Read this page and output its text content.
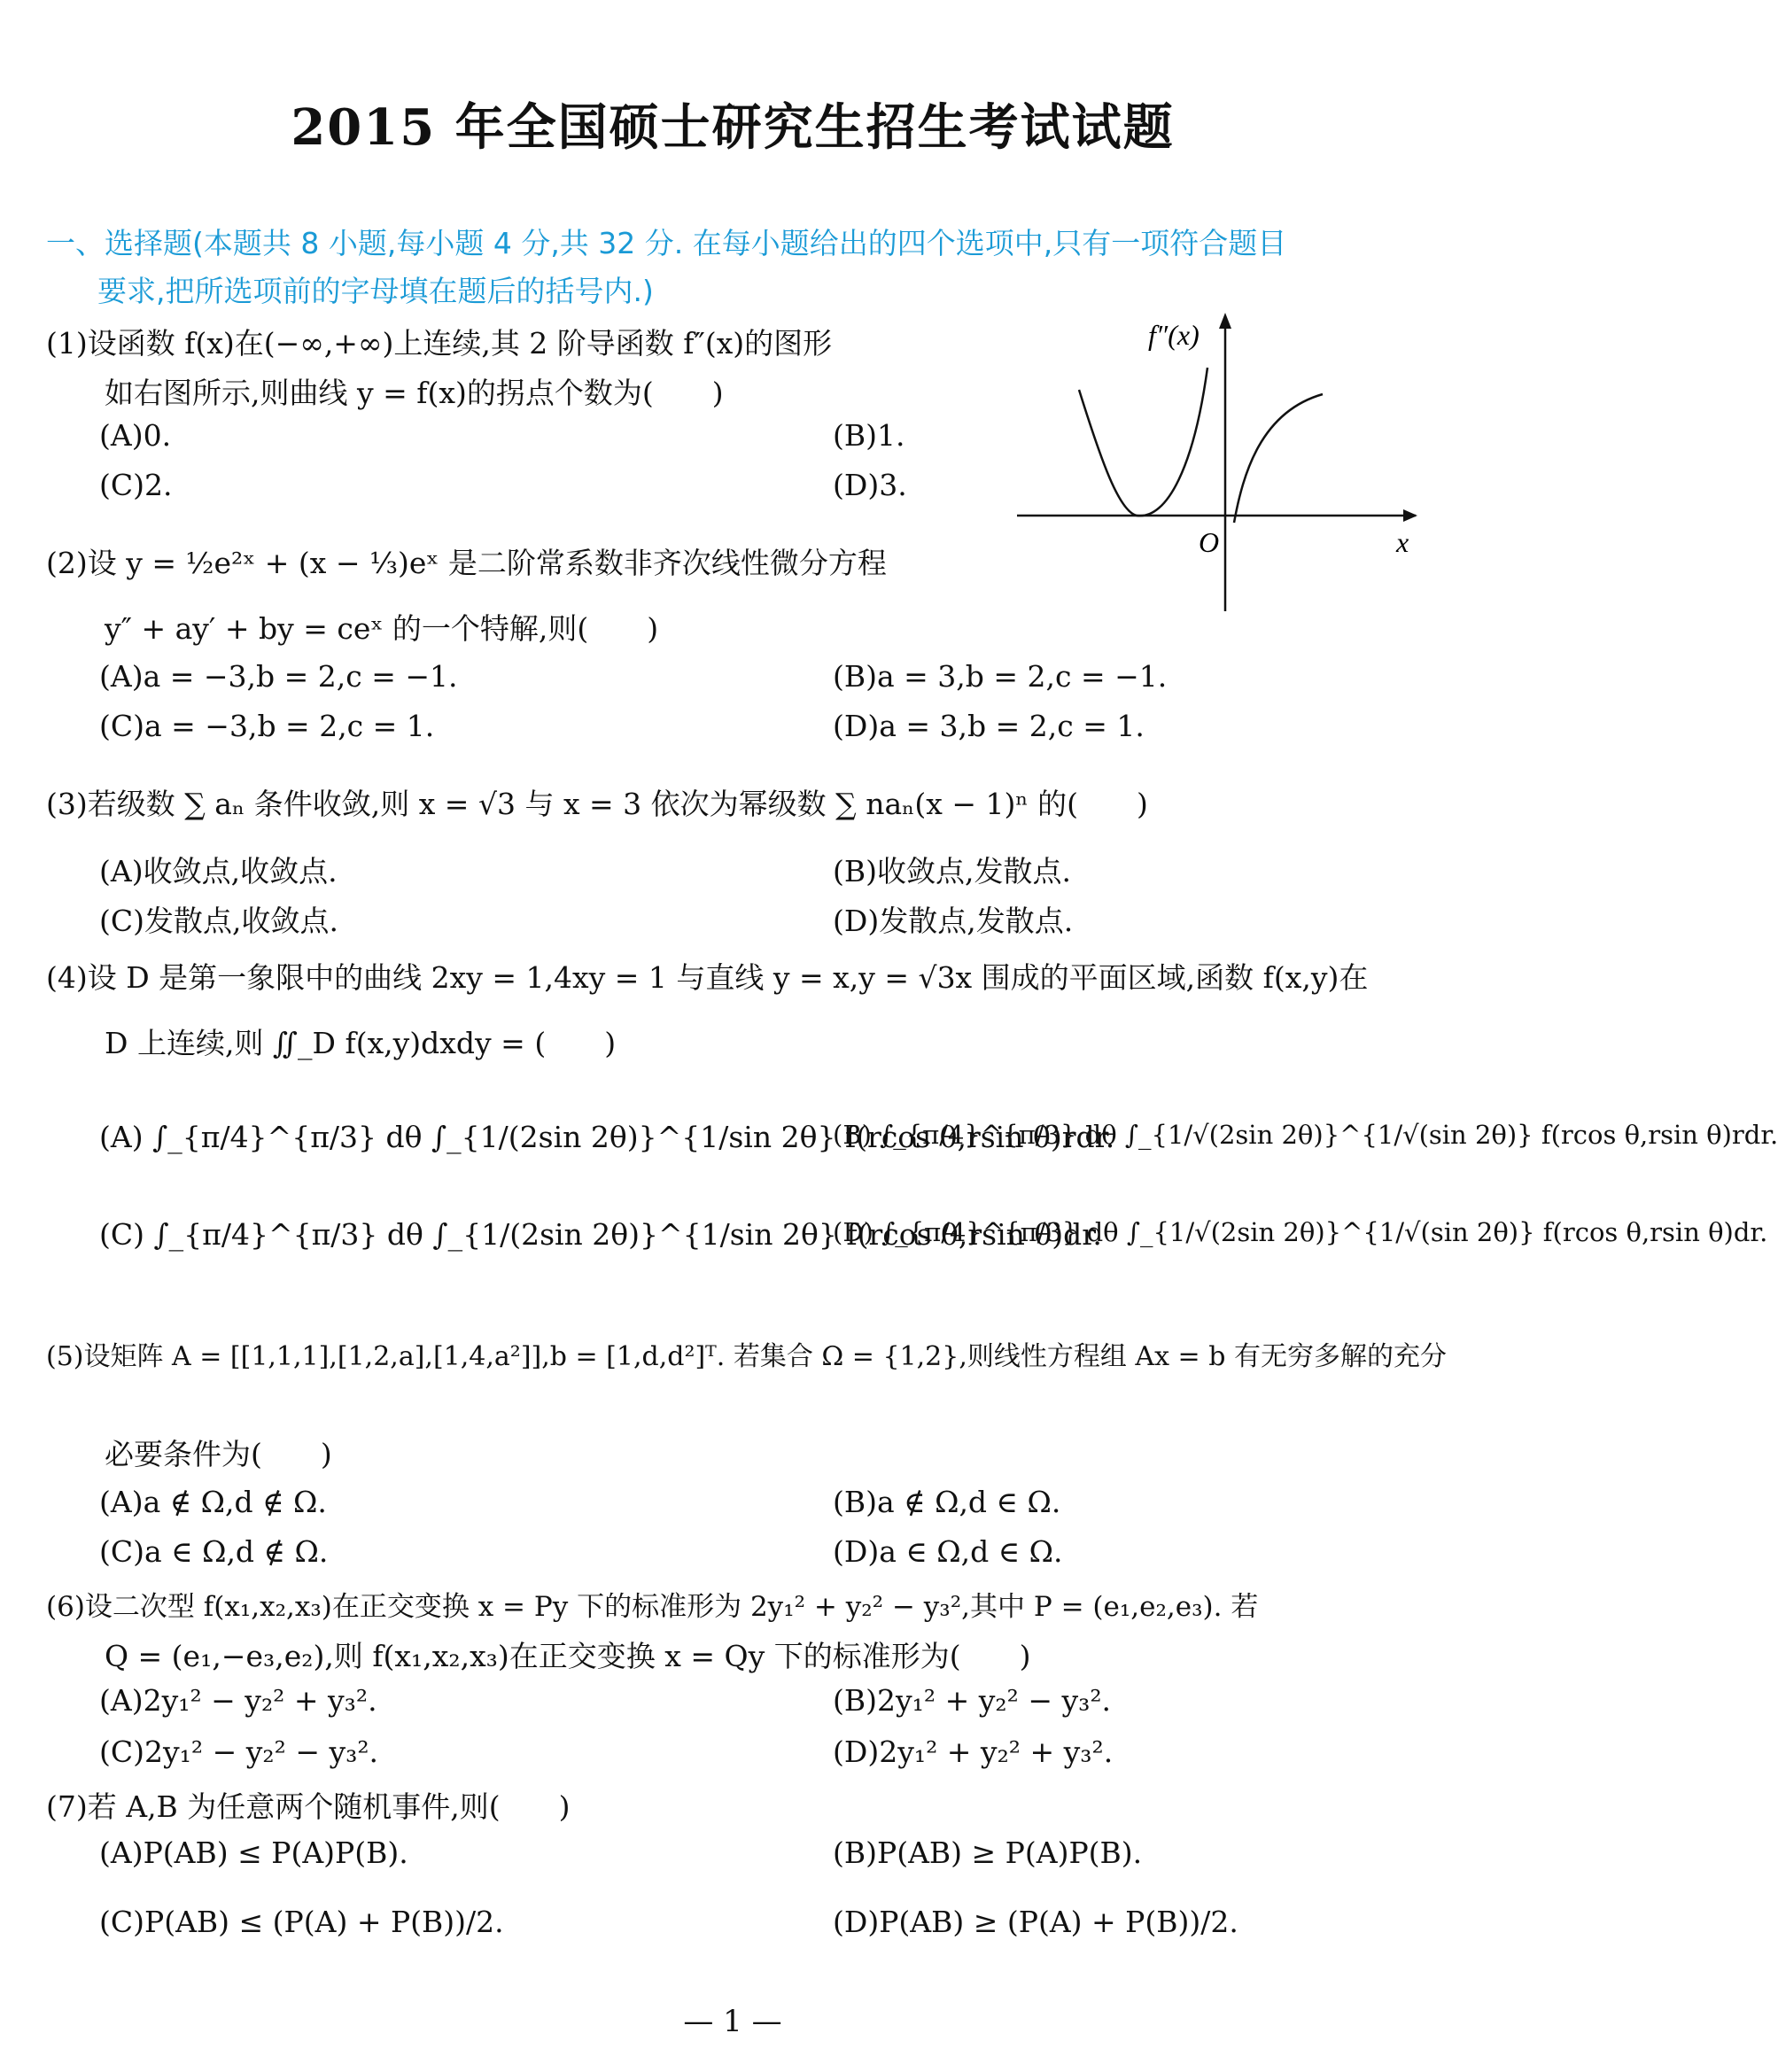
2015 年全国硕士研究生招生考试试题
一、选择题(本题共 8 小题,每小题 4 分,共 32 分. 在每小题给出的四个选项中,只有一项符合题目
要求,把所选项前的字母填在题后的括号内.)
(1)设函数 f(x)在(−∞,+∞)上连续,其 2 阶导函数 f″(x)的图形
如右图所示,则曲线 y = f(x)的拐点个数为(　　)
(A)0.	(B)1.
(C)2.	(D)3.
f″(x)
O	x
(2)设 y = ½e²ˣ + (x − ⅓)eˣ 是二阶常系数非齐次线性微分方程
y″ + ay′ + by = ceˣ 的一个特解,则(　　)
(A)a = −3,b = 2,c = −1.	(B)a = 3,b = 2,c = −1.
(C)a = −3,b = 2,c = 1.	(D)a = 3,b = 2,c = 1.
(3)若级数 ∑ aₙ 条件收敛,则 x = √3 与 x = 3 依次为幂级数 ∑ naₙ(x − 1)ⁿ 的(　　)
(A)收敛点,收敛点.	(B)收敛点,发散点.
(C)发散点,收敛点.	(D)发散点,发散点.
(4)设 D 是第一象限中的曲线 2xy = 1,4xy = 1 与直线 y = x,y = √3x 围成的平面区域,函数 f(x,y)在
D 上连续,则 ∬_D f(x,y)dxdy = (　　)
(A) ∫_{π/4}^{π/3} dθ ∫_{1/(2sin 2θ)}^{1/sin 2θ} f(rcos θ,rsin θ)rdr.
(B) ∫_{π/4}^{π/3} dθ ∫_{1/√(2sin 2θ)}^{1/√(sin 2θ)} f(rcos θ,rsin θ)rdr.
(C) ∫_{π/4}^{π/3} dθ ∫_{1/(2sin 2θ)}^{1/sin 2θ} f(rcos θ,rsin θ)dr.
(D) ∫_{π/4}^{π/3} dθ ∫_{1/√(2sin 2θ)}^{1/√(sin 2θ)} f(rcos θ,rsin θ)dr.
(5)设矩阵 A = [[1,1,1],[1,2,a],[1,4,a²]],b = [1,d,d²]ᵀ. 若集合 Ω = {1,2},则线性方程组 Ax = b 有无穷多解的充分
必要条件为(　　)
(A)a ∉ Ω,d ∉ Ω.	(B)a ∉ Ω,d ∈ Ω.
(C)a ∈ Ω,d ∉ Ω.	(D)a ∈ Ω,d ∈ Ω.
(6)设二次型 f(x₁,x₂,x₃)在正交变换 x = Py 下的标准形为 2y₁² + y₂² − y₃²,其中 P = (e₁,e₂,e₃). 若
Q = (e₁,−e₃,e₂),则 f(x₁,x₂,x₃)在正交变换 x = Qy 下的标准形为(　　)
(A)2y₁² − y₂² + y₃².	(B)2y₁² + y₂² − y₃².
(C)2y₁² − y₂² − y₃².	(D)2y₁² + y₂² + y₃².
(7)若 A,B 为任意两个随机事件,则(　　)
(A)P(AB) ≤ P(A)P(B).	(B)P(AB) ≥ P(A)P(B).
(C)P(AB) ≤ (P(A) + P(B))/2.	(D)P(AB) ≥ (P(A) + P(B))/2.
— 1 —
